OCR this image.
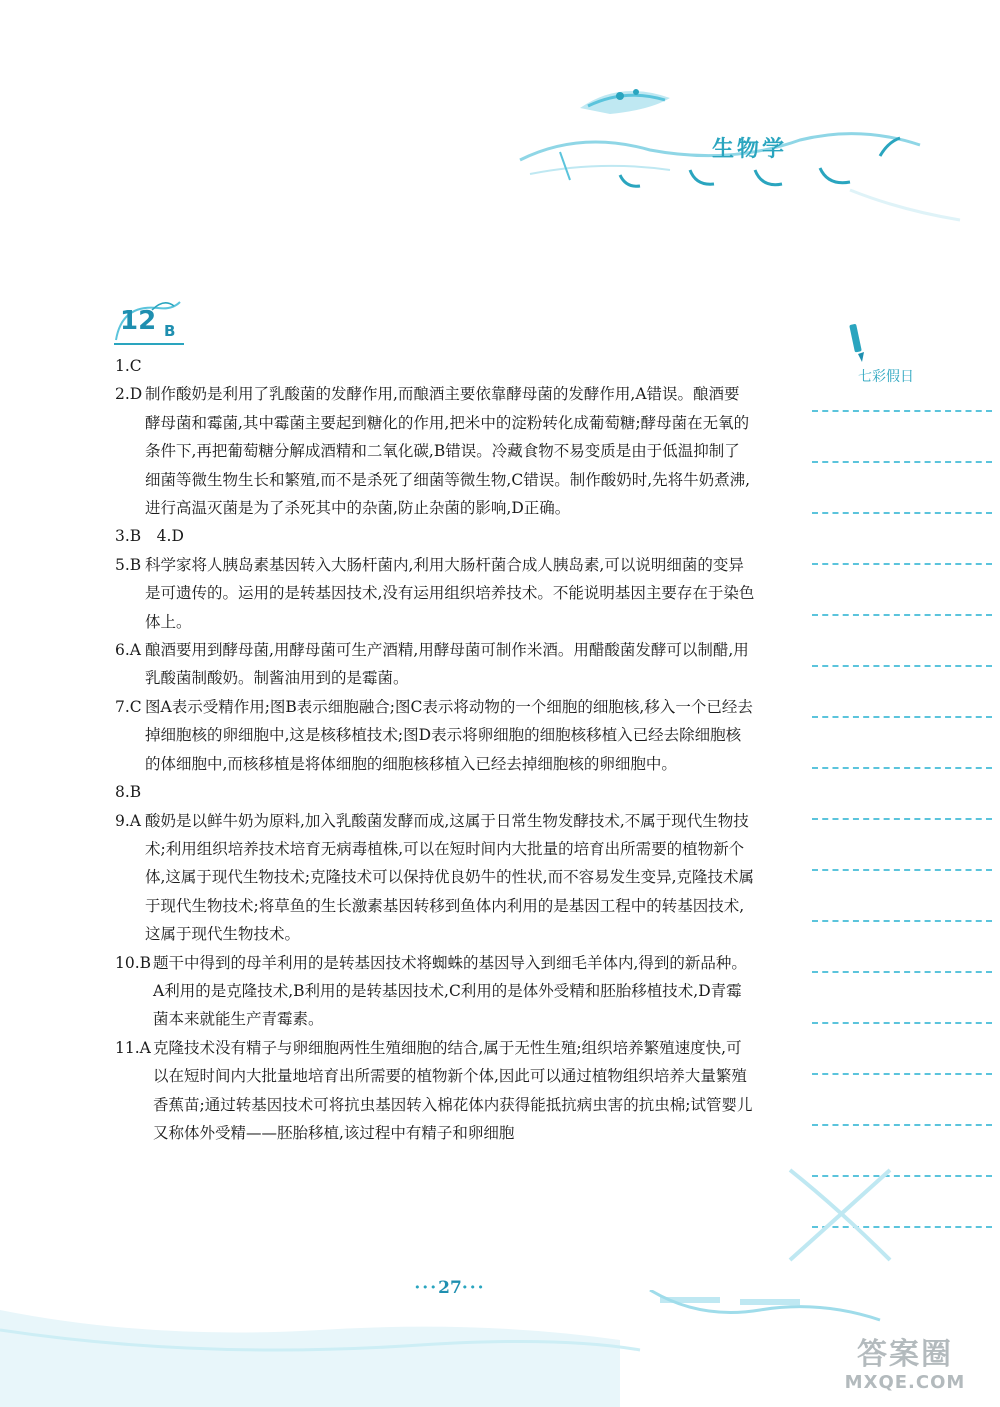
生物学
12 B

1.C

2.D 制作酸奶是利用了乳酸菌的发酵作用,而酿酒主要依靠酵母菌的发酵作用,A错误。酿酒要酵母菌和霉菌,其中霉菌主要起到糖化的作用,把米中的淀粉转化成葡萄糖;酵母菌在无氧的条件下,再把葡萄糖分解成酒精和二氧化碳,B错误。冷藏食物不易变质是由于低温抑制了细菌等微生物生长和繁殖,而不是杀死了细菌等微生物,C错误。制作酸奶时,先将牛奶煮沸,进行高温灭菌是为了杀死其中的杂菌,防止杂菌的影响,D正确。

3.B　4.D

5.B 科学家将人胰岛素基因转入大肠杆菌内,利用大肠杆菌合成人胰岛素,可以说明细菌的变异是可遗传的。运用的是转基因技术,没有运用组织培养技术。不能说明基因主要存在于染色体上。

6.A 酿酒要用到酵母菌,用酵母菌可生产酒精,用酵母菌可制作米酒。用醋酸菌发酵可以制醋,用乳酸菌制酸奶。制酱油用到的是霉菌。

7.C 图A表示受精作用;图B表示细胞融合;图C表示将动物的一个细胞的细胞核,移入一个已经去掉细胞核的卵细胞中,这是核移植技术;图D表示将卵细胞的细胞核移植入已经去除细胞核的体细胞中,而核移植是将体细胞的细胞核移植入已经去掉细胞核的卵细胞中。

8.B

9.A 酸奶是以鲜牛奶为原料,加入乳酸菌发酵而成,这属于日常生物发酵技术,不属于现代生物技术;利用组织培养技术培育无病毒植株,可以在短时间内大批量的培育出所需要的植物新个体,这属于现代生物技术;克隆技术可以保持优良奶牛的性状,而不容易发生变异,克隆技术属于现代生物技术;将草鱼的生长激素基因转移到鱼体内利用的是基因工程中的转基因技术,这属于现代生物技术。

10.B 题干中得到的母羊利用的是转基因技术将蜘蛛的基因导入到细毛羊体内,得到的新品种。A利用的是克隆技术,B利用的是转基因技术,C利用的是体外受精和胚胎移植技术,D青霉菌本来就能生产青霉素。

11.A 克隆技术没有精子与卵细胞两性生殖细胞的结合,属于无性生殖;组织培养繁殖速度快,可以在短时间内大批量地培育出所需要的植物新个体,因此可以通过植物组织培养大量繁殖香蕉苗;通过转基因技术可将抗虫基因转入棉花体内获得能抵抗病虫害的抗虫棉;试管婴儿又称体外受精——胚胎移植,该过程中有精子和卵细胞

七彩假日
···27···
答案圈
MXQE.COM
